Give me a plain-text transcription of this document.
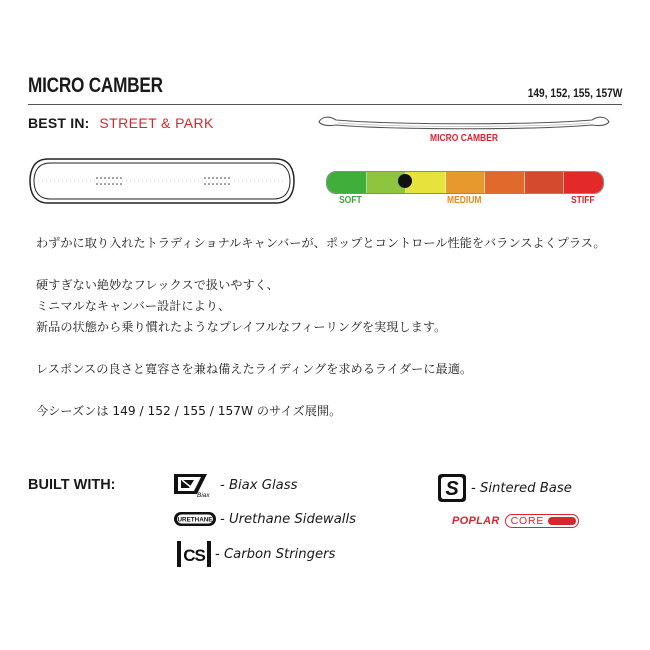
MICRO CAMBER	149, 152, 155, 157W
BEST IN: STREET & PARK
MICRO CAMBER
SOFT	MEDIUM	STIFF

わずかに取り入れたトラディショナルキャンバーが、ポップとコントロール性能をバランスよくプラス。

硬すぎない絶妙なフレックスで扱いやすく、

ミニマルなキャンバー設計により、

新品の状態から乗り慣れたようなプレイフルなフィーリングを実現します。

レスポンスの良さと寛容さを兼ね備えたライディングを求めるライダーに最適。

今シーズンは 149 / 152 / 155 / 157W のサイズ展開。

BUILT WITH:
Biax
- Biax Glass
URETHANE - Urethane Sidewalls
CS - Carbon Stringers
S - Sintered Base
POPLAR CORE
